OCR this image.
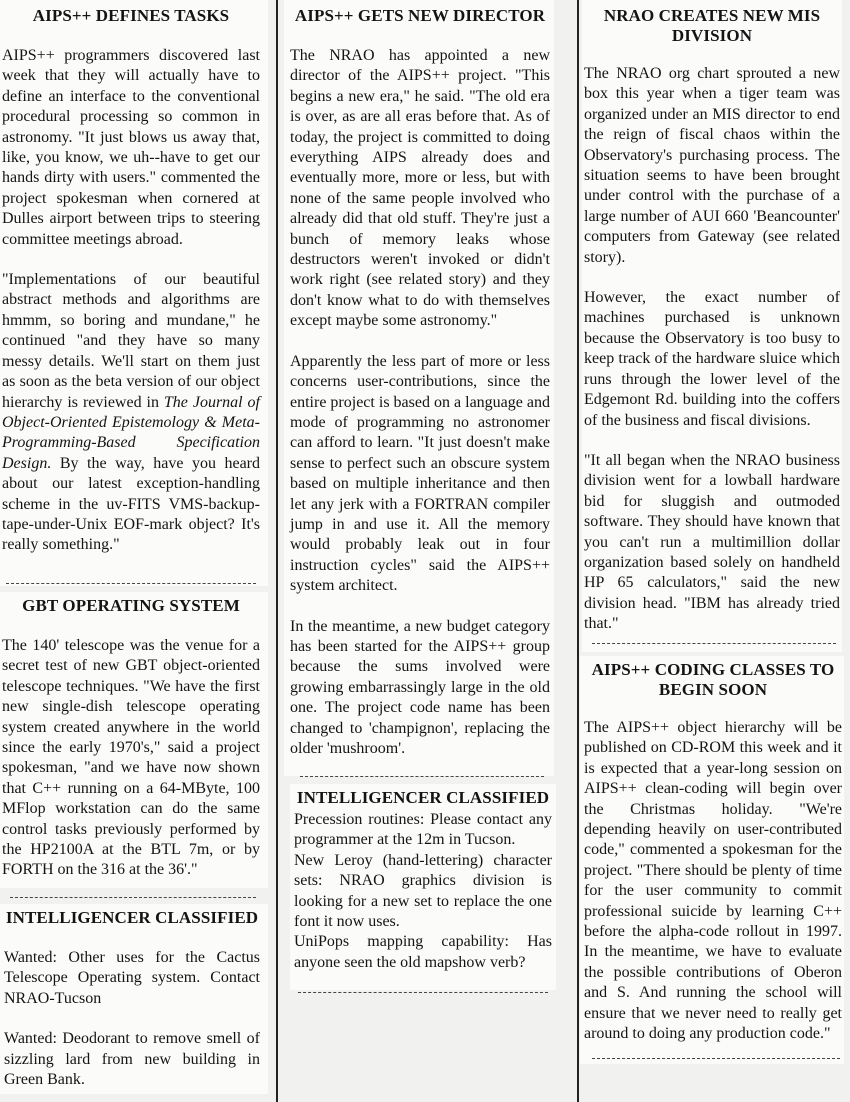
AIPS++ DEFINES TASKS

AIPS++ programmers discovered last week that they will actually have to define an interface to the conventional procedural processing so common in astronomy. "It just blows us away that, like, you know, we uh--have to get our hands dirty with users." commented the project spokesman when cornered at Dulles airport between trips to steering committee meetings abroad.

"Implementations of our beautiful abstract methods and algorithms are hmmm, so boring and mundane," he continued "and they have so many messy details. We'll start on them just as soon as the beta version of our object hierarchy is reviewed in The Journal of Object-Oriented Epistemology & Meta-Programming-Based Specification Design. By the way, have you heard about our latest exception-handling scheme in the uv-FITS VMS-backup-tape-under-Unix EOF-mark object? It's really something."

GBT OPERATING SYSTEM

The 140' telescope was the venue for a secret test of new GBT object-oriented telescope techniques. "We have the first new single-dish telescope operating system created anywhere in the world since the early 1970's," said a project spokesman, "and we have now shown that C++ running on a 64-MByte, 100 MFlop workstation can do the same control tasks previously performed by the HP2100A at the BTL 7m, or by FORTH on the 316 at the 36'."

INTELLIGENCER CLASSIFIED

Wanted: Other uses for the Cactus Telescope Operating system. Contact NRAO-Tucson

Wanted: Deodorant to remove smell of sizzling lard from new building in Green Bank.

AIPS++ GETS NEW DIRECTOR

The NRAO has appointed a new director of the AIPS++ project. "This begins a new era," he said. "The old era is over, as are all eras before that. As of today, the project is committed to doing everything AIPS already does and eventually more, more or less, but with none of the same people involved who already did that old stuff. They're just a bunch of memory leaks whose destructors weren't invoked or didn't work right (see related story) and they don't know what to do with themselves except maybe some astronomy."

Apparently the less part of more or less concerns user-contributions, since the entire project is based on a language and mode of programming no astronomer can afford to learn. "It just doesn't make sense to perfect such an obscure system based on multiple inheritance and then let any jerk with a FORTRAN compiler jump in and use it. All the memory would probably leak out in four instruction cycles" said the AIPS++ system architect.

In the meantime, a new budget category has been started for the AIPS++ group because the sums involved were growing embarrassingly large in the old one. The project code name has been changed to 'champignon', replacing the older 'mushroom'.

INTELLIGENCER CLASSIFIED

Precession routines: Please contact any programmer at the 12m in Tucson.

New Leroy (hand-lettering) character sets: NRAO graphics division is looking for a new set to replace the one font it now uses.

UniPops mapping capability: Has anyone seen the old mapshow verb?

NRAO CREATES NEW MIS DIVISION

The NRAO org chart sprouted a new box this year when a tiger team was organized under an MIS director to end the reign of fiscal chaos within the Observatory's purchasing process. The situation seems to have been brought under control with the purchase of a large number of AUI 660 'Beancounter' computers from Gateway (see related story).

However, the exact number of machines purchased is unknown because the Observatory is too busy to keep track of the hardware sluice which runs through the lower level of the Edgemont Rd. building into the coffers of the business and fiscal divisions.

"It all began when the NRAO business division went for a lowball hardware bid for sluggish and outmoded software. They should have known that you can't run a multimillion dollar organization based solely on handheld HP 65 calculators," said the new division head. "IBM has already tried that."

AIPS++ CODING CLASSES TO BEGIN SOON

The AIPS++ object hierarchy will be published on CD-ROM this week and it is expected that a year-long session on AIPS++ clean-coding will begin over the Christmas holiday. "We're depending heavily on user-contributed code," commented a spokesman for the project. "There should be plenty of time for the user community to commit professional suicide by learning C++ before the alpha-code rollout in 1997. In the meantime, we have to evaluate the possible contributions of Oberon and S. And running the school will ensure that we never need to really get around to doing any production code."
